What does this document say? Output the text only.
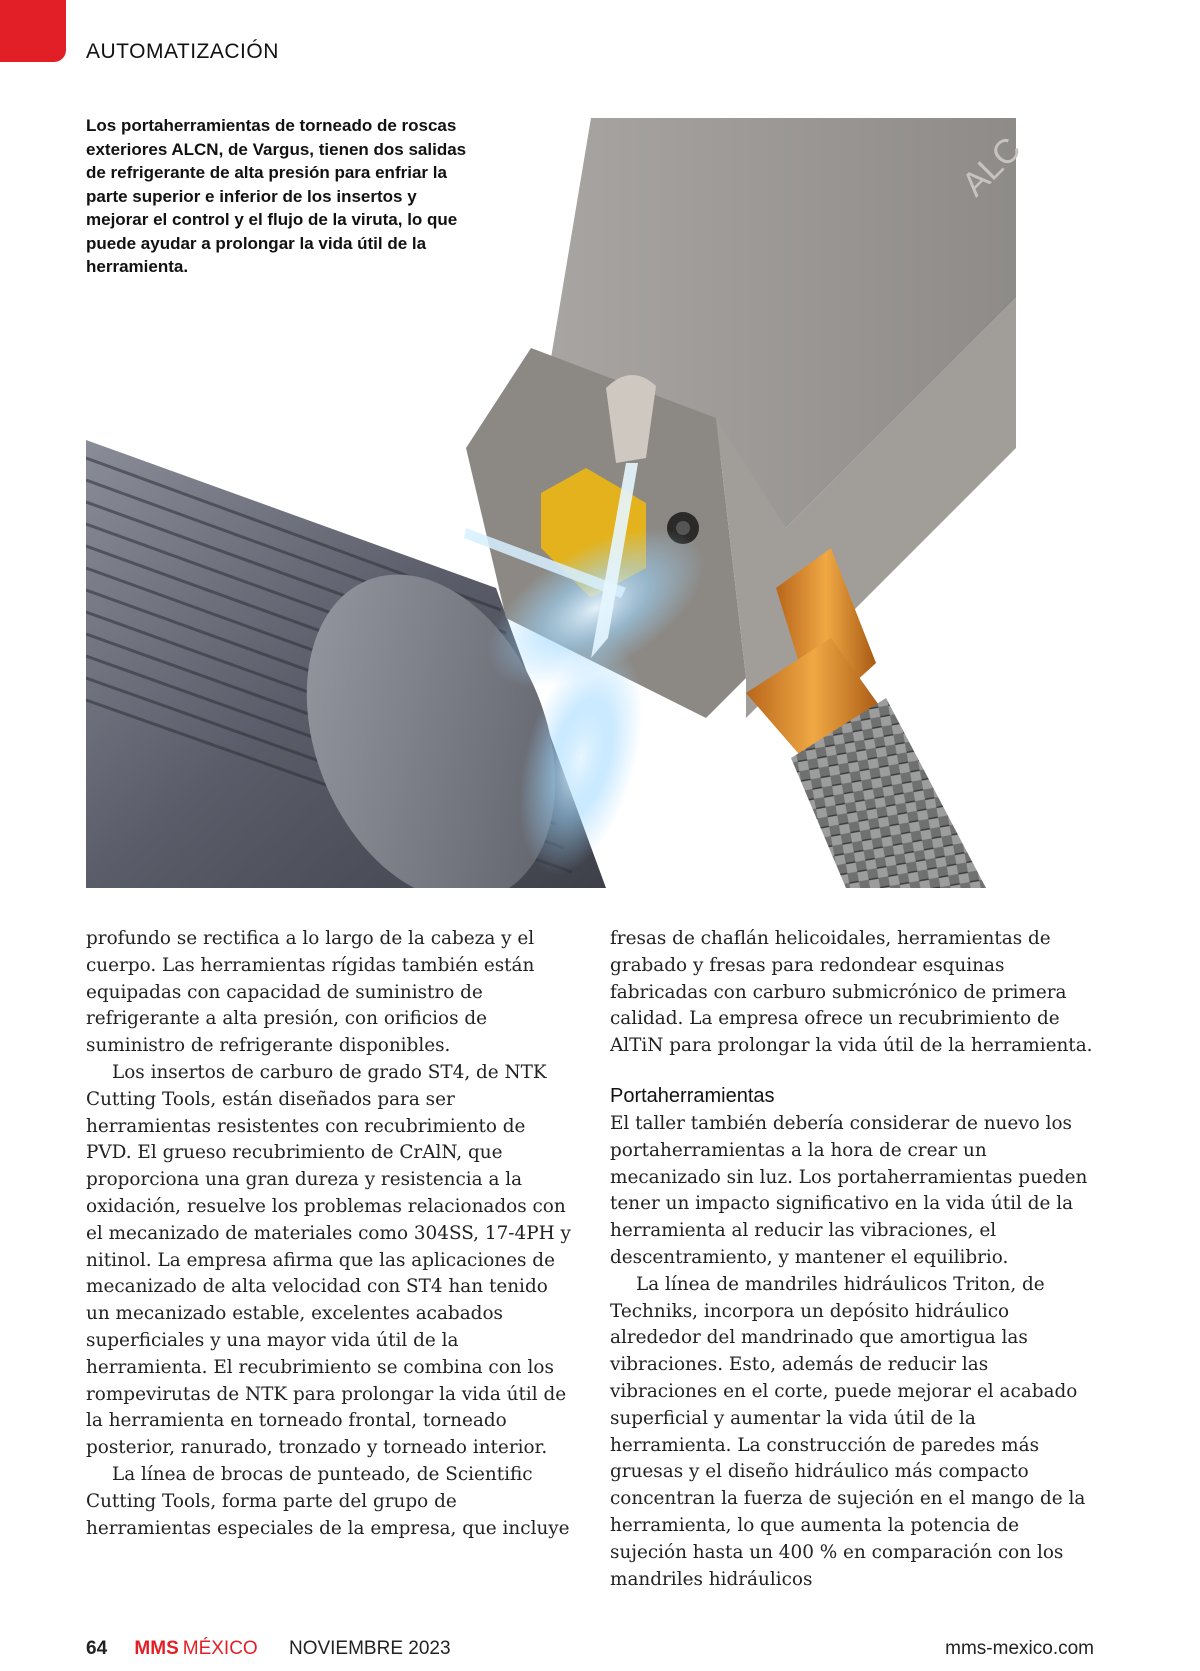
AUTOMATIZACIÓN
ALC

Los portaherramientas de torneado de roscas exteriores ALCN, de Vargus, tienen dos salidas de refrigerante de alta presión para enfriar la parte superior e inferior de los insertos y mejorar el control y el flujo de la viruta, lo que puede ayudar a prolongar la vida útil de la herramienta.

profundo se rectifica a lo largo de la cabeza y el cuerpo. Las herramientas rígidas también están equipadas con capacidad de suministro de refrigerante a alta presión, con orificios de suministro de refrigerante disponibles.

Los insertos de carburo de grado ST4, de NTK Cutting Tools, están diseñados para ser herramientas resistentes con recubrimiento de PVD. El grueso recubrimiento de CrAlN, que proporciona una gran dureza y resistencia a la oxidación, resuelve los problemas relacionados con el mecanizado de materiales como 304SS, 17-4PH y nitinol. La empresa afirma que las aplicaciones de mecanizado de alta velocidad con ST4 han tenido un mecanizado estable, excelentes acabados superficiales y una mayor vida útil de la herramienta. El recubrimiento se combina con los rompevirutas de NTK para prolongar la vida útil de la herramienta en torneado frontal, torneado posterior, ranurado, tronzado y torneado interior.

La línea de brocas de punteado, de Scientific Cutting Tools, forma parte del grupo de herramientas especiales de la empresa, que incluye

fresas de chaflán helicoidales, herramientas de grabado y fresas para redondear esquinas fabricadas con carburo submicrónico de primera calidad. La empresa ofrece un recubrimiento de AlTiN para prolongar la vida útil de la herramienta.

Portaherramientas

El taller también debería considerar de nuevo los portaherramientas a la hora de crear un mecanizado sin luz. Los portaherramientas pueden tener un impacto significativo en la vida útil de la herramienta al reducir las vibraciones, el descentramiento, y mantener el equilibrio.

La línea de mandriles hidráulicos Triton, de Techniks, incorpora un depósito hidráulico alrededor del mandrinado que amortigua las vibraciones. Esto, además de reducir las vibraciones en el corte, puede mejorar el acabado superficial y aumentar la vida útil de la herramienta. La construcción de paredes más gruesas y el diseño hidráulico más compacto concentran la fuerza de sujeción en el mango de la herramienta, lo que aumenta la potencia de sujeción hasta un 400 % en comparación con los mandriles hidráulicos

64 MMS MÉXICO NOVIEMBRE 2023	mms-mexico.com
